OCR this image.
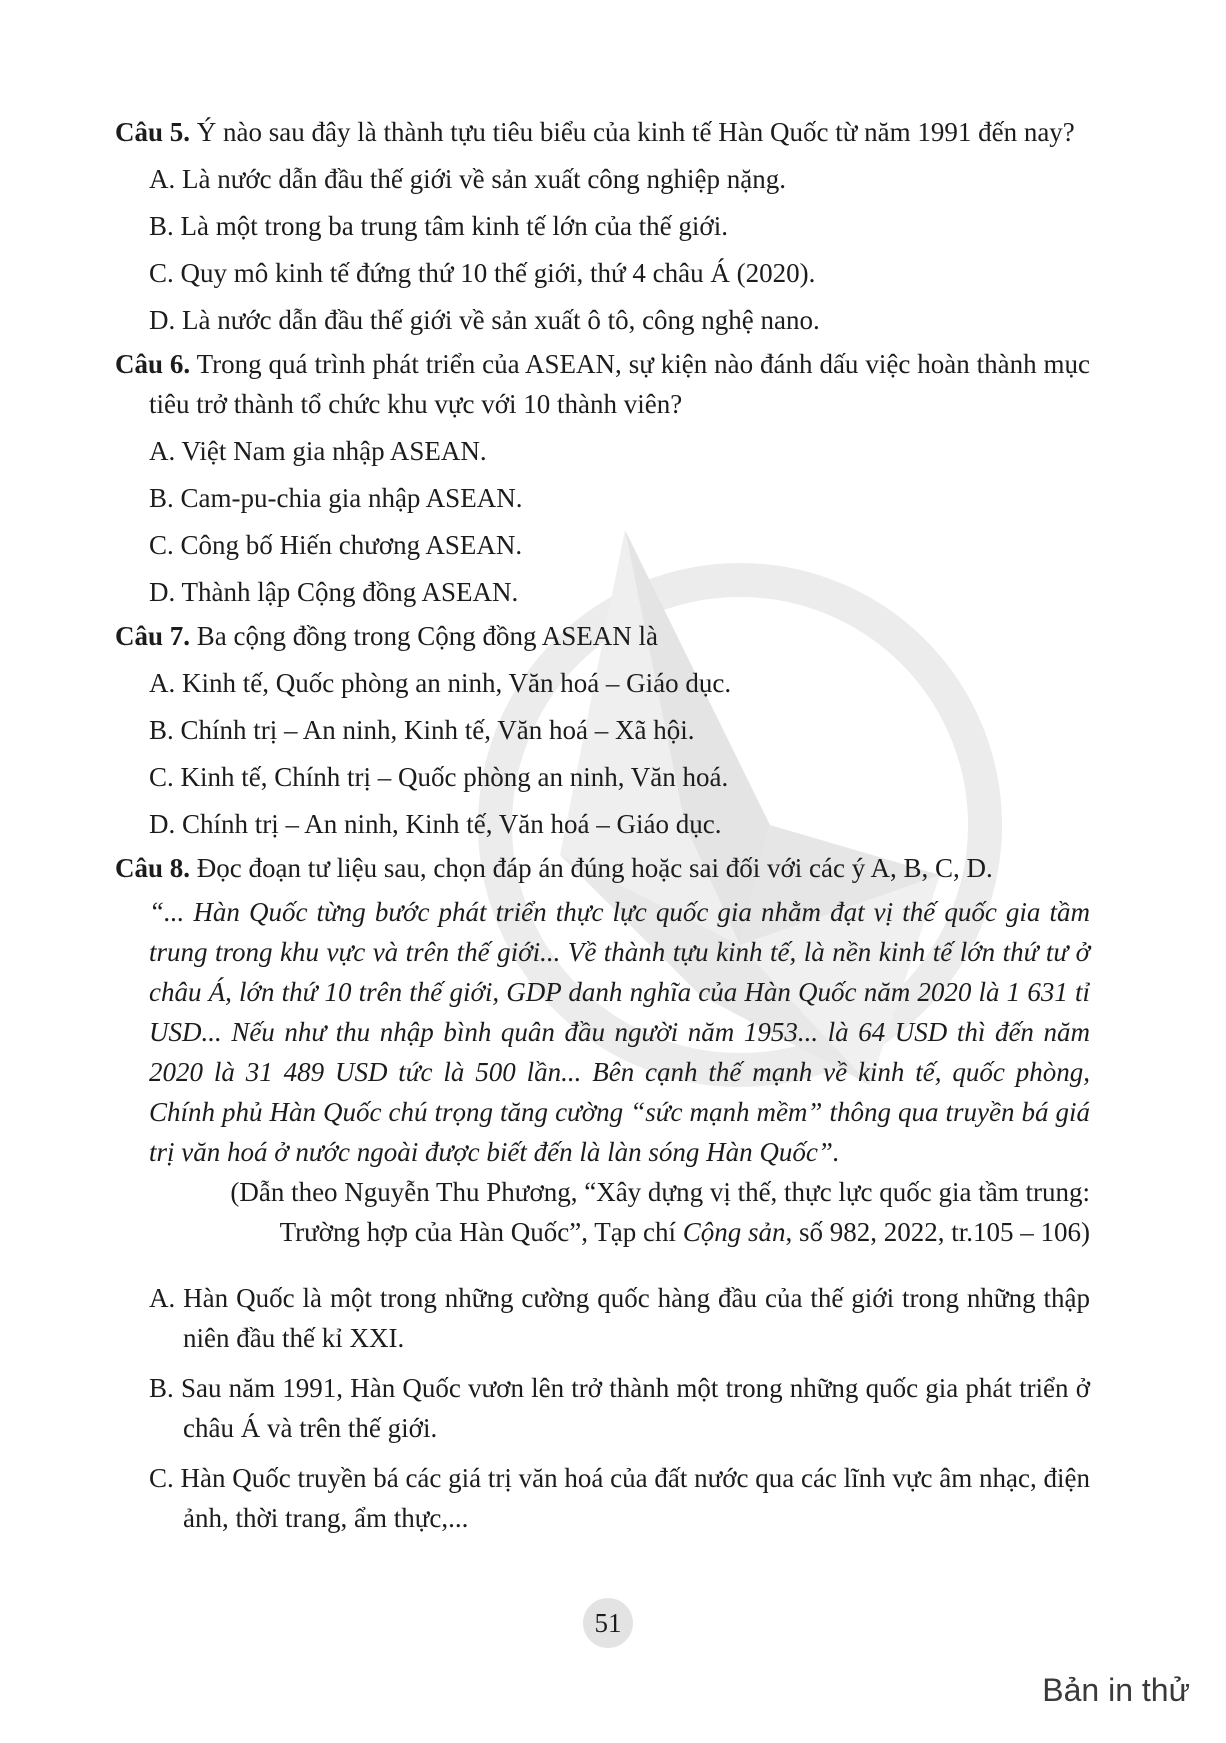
Câu 5. Ý nào sau đây là thành tựu tiêu biểu của kinh tế Hàn Quốc từ năm 1991 đến nay?

A. Là nước dẫn đầu thế giới về sản xuất công nghiệp nặng.

B. Là một trong ba trung tâm kinh tế lớn của thế giới.

C. Quy mô kinh tế đứng thứ 10 thế giới, thứ 4 châu Á (2020).

D. Là nước dẫn đầu thế giới về sản xuất ô tô, công nghệ nano.

Câu 6. Trong quá trình phát triển của ASEAN, sự kiện nào đánh dấu việc hoàn thành mục tiêu trở thành tổ chức khu vực với 10 thành viên?

A. Việt Nam gia nhập ASEAN.

B. Cam-pu-chia gia nhập ASEAN.

C. Công bố Hiến chương ASEAN.

D. Thành lập Cộng đồng ASEAN.

Câu 7. Ba cộng đồng trong Cộng đồng ASEAN là

A. Kinh tế, Quốc phòng an ninh, Văn hoá – Giáo dục.

B. Chính trị – An ninh, Kinh tế, Văn hoá – Xã hội.

C. Kinh tế, Chính trị – Quốc phòng an ninh, Văn hoá.

D. Chính trị – An ninh, Kinh tế, Văn hoá – Giáo dục.

Câu 8. Đọc đoạn tư liệu sau, chọn đáp án đúng hoặc sai đối với các ý A, B, C, D.

“... Hàn Quốc từng bước phát triển thực lực quốc gia nhằm đạt vị thế quốc gia tầm trung trong khu vực và trên thế giới... Về thành tựu kinh tế, là nền kinh tế lớn thứ tư ở châu Á, lớn thứ 10 trên thế giới, GDP danh nghĩa của Hàn Quốc năm 2020 là 1 631 tỉ USD... Nếu như thu nhập bình quân đầu người năm 1953... là 64 USD thì đến năm 2020 là 31 489 USD tức là 500 lần... Bên cạnh thế mạnh về kinh tế, quốc phòng, Chính phủ Hàn Quốc chú trọng tăng cường “sức mạnh mềm” thông qua truyền bá giá trị văn hoá ở nước ngoài được biết đến là làn sóng Hàn Quốc”.

(Dẫn theo Nguyễn Thu Phương, “Xây dựng vị thế, thực lực quốc gia tầm trung: Trường hợp của Hàn Quốc”, Tạp chí Cộng sản, số 982, 2022, tr.105 – 106)

A. Hàn Quốc là một trong những cường quốc hàng đầu của thế giới trong những thập niên đầu thế kỉ XXI.

B. Sau năm 1991, Hàn Quốc vươn lên trở thành một trong những quốc gia phát triển ở châu Á và trên thế giới.

C. Hàn Quốc truyền bá các giá trị văn hoá của đất nước qua các lĩnh vực âm nhạc, điện ảnh, thời trang, ẩm thực,...

51
Bản in thử
